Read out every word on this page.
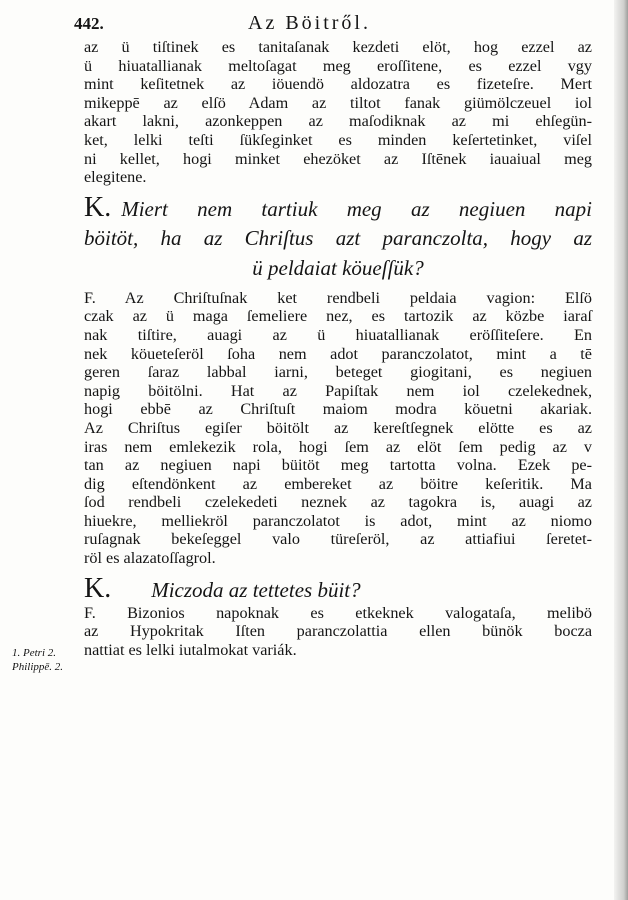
442.	Az Böitről.
az ü tiſtinek es tanitaſanak kezdeti elöt, hog ezzel az
ü hiuatallianak meltoſagat meg eroſſitene, es ezzel vgy
mint keſitetnek az iöuendö aldozatra es fizeteſre. Mert
mikeppē az elſö Adam az tiltot fanak giümölczeuel iol
akart lakni, azonkeppen az maſodiknak az mi ehſegün-
ket, lelki teſti ſükſeginket es minden keſertetinket, viſel
ni kellet, hogi minket ehezöket az Iſtēnek iauaiual meg
elegitene.
K. Miert nem tartiuk meg az negiuen napi
böitöt, ha az Chriſtus azt paranczolta, hogy az
ü peldaiat köueſſük?
F. Az Chriſtuſnak ket rendbeli peldaia vagion: Elſö
czak az ü maga ſemeliere nez, es tartozik az közbe iaraſ
nak tiſtire, auagi az ü hiuatallianak eröſſiteſere. En
nek köueteſeröl ſoha nem adot paranczolatot, mint a tē
geren ſaraz labbal iarni, beteget giogitani, es negiuen
napig böitölni. Hat az Papiſtak nem iol czelekednek,
hogi ebbē az Chriſtuſt maiom modra köuetni akariak.
Az Chriſtus egiſer böitölt az kereſtſegnek elötte es az
iras nem emlekezik rola, hogi ſem az elöt ſem pedig az v
tan az negiuen napi büitöt meg tartotta volna. Ezek pe-
dig eſtendönkent az embereket az böitre keſeritik. Ma
ſod rendbeli czelekedeti neznek az tagokra is, auagi az
hiuekre, melliekröl paranczolatot is adot, mint az niomo
ruſagnak bekeſeggel valo türeſeröl, az attiafiui ſeretet-
röl es alazatoſſagrol.
K. Miczoda az tettetes büit?
F. Bizonios napoknak es etkeknek valogataſa, melibö
az Hypokritak Iſten paranczolattia ellen bünök bocza
nattiat es lelki iutalmokat variák.
1. Petri 2.
Philippē. 2.
